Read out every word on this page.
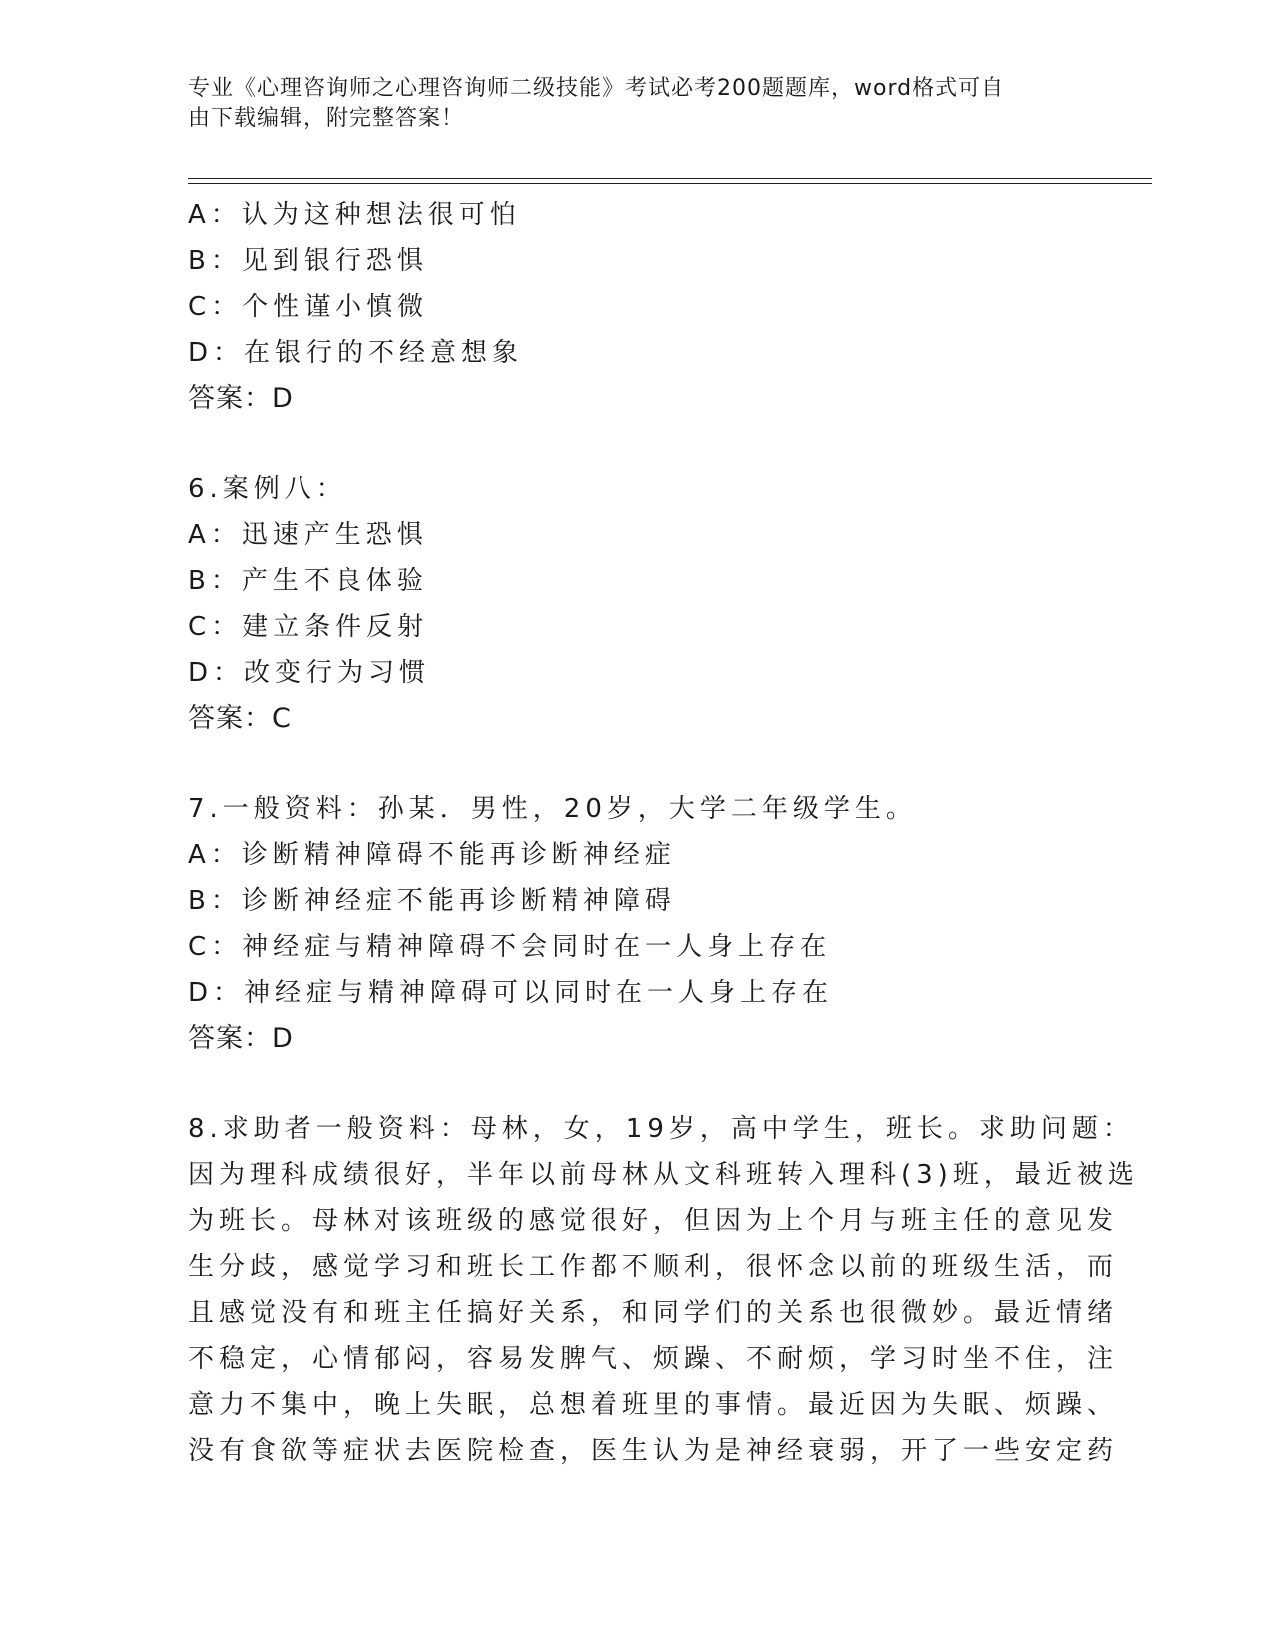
专业《心理咨询师之心理咨询师二级技能》考试必考200题题库，word格式可自
由下载编辑，附完整答案！
A：认为这种想法很可怕
B：见到银行恐惧
C：个性谨小慎微
D：在银行的不经意想象
答案：D
6.案例八：
A：迅速产生恐惧
B：产生不良体验
C：建立条件反射
D：改变行为习惯
答案：C
7.一般资料：孙某．男性，20岁，大学二年级学生。
A：诊断精神障碍不能再诊断神经症
B：诊断神经症不能再诊断精神障碍
C：神经症与精神障碍不会同时在一人身上存在
D：神经症与精神障碍可以同时在一人身上存在
答案：D
8.求助者一般资料：母林，女，19岁，高中学生，班长。求助问题：
因为理科成绩很好，半年以前母林从文科班转入理科(3)班，最近被选
为班长。母林对该班级的感觉很好，但因为上个月与班主任的意见发
生分歧，感觉学习和班长工作都不顺利，很怀念以前的班级生活，而
且感觉没有和班主任搞好关系，和同学们的关系也很微妙。最近情绪
不稳定，心情郁闷，容易发脾气、烦躁、不耐烦，学习时坐不住，注
意力不集中，晚上失眠，总想着班里的事情。最近因为失眠、烦躁、
没有食欲等症状去医院检查，医生认为是神经衰弱，开了一些安定药
